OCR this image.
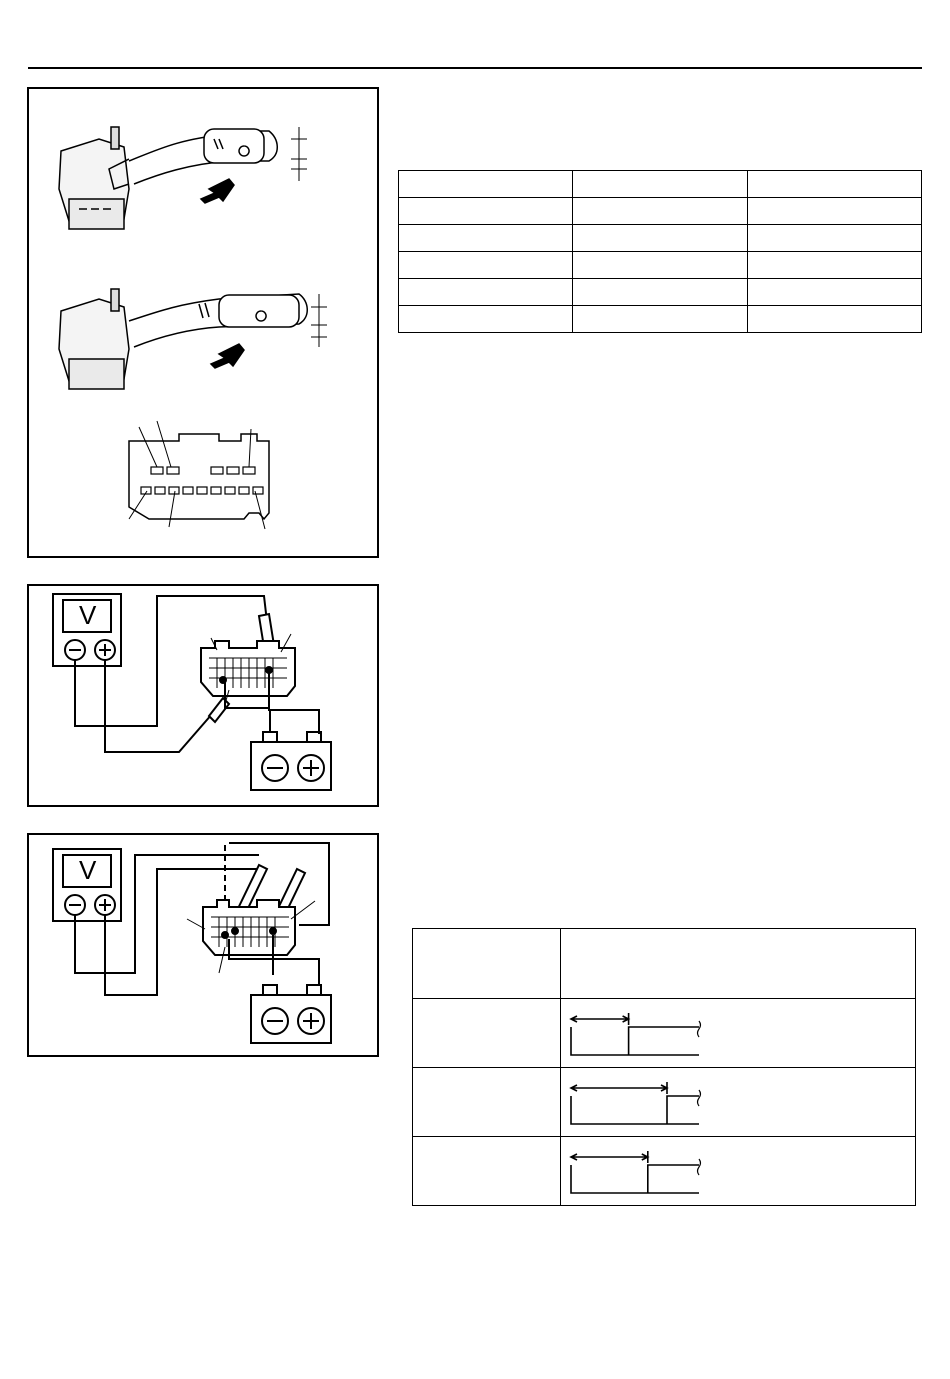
V
V
